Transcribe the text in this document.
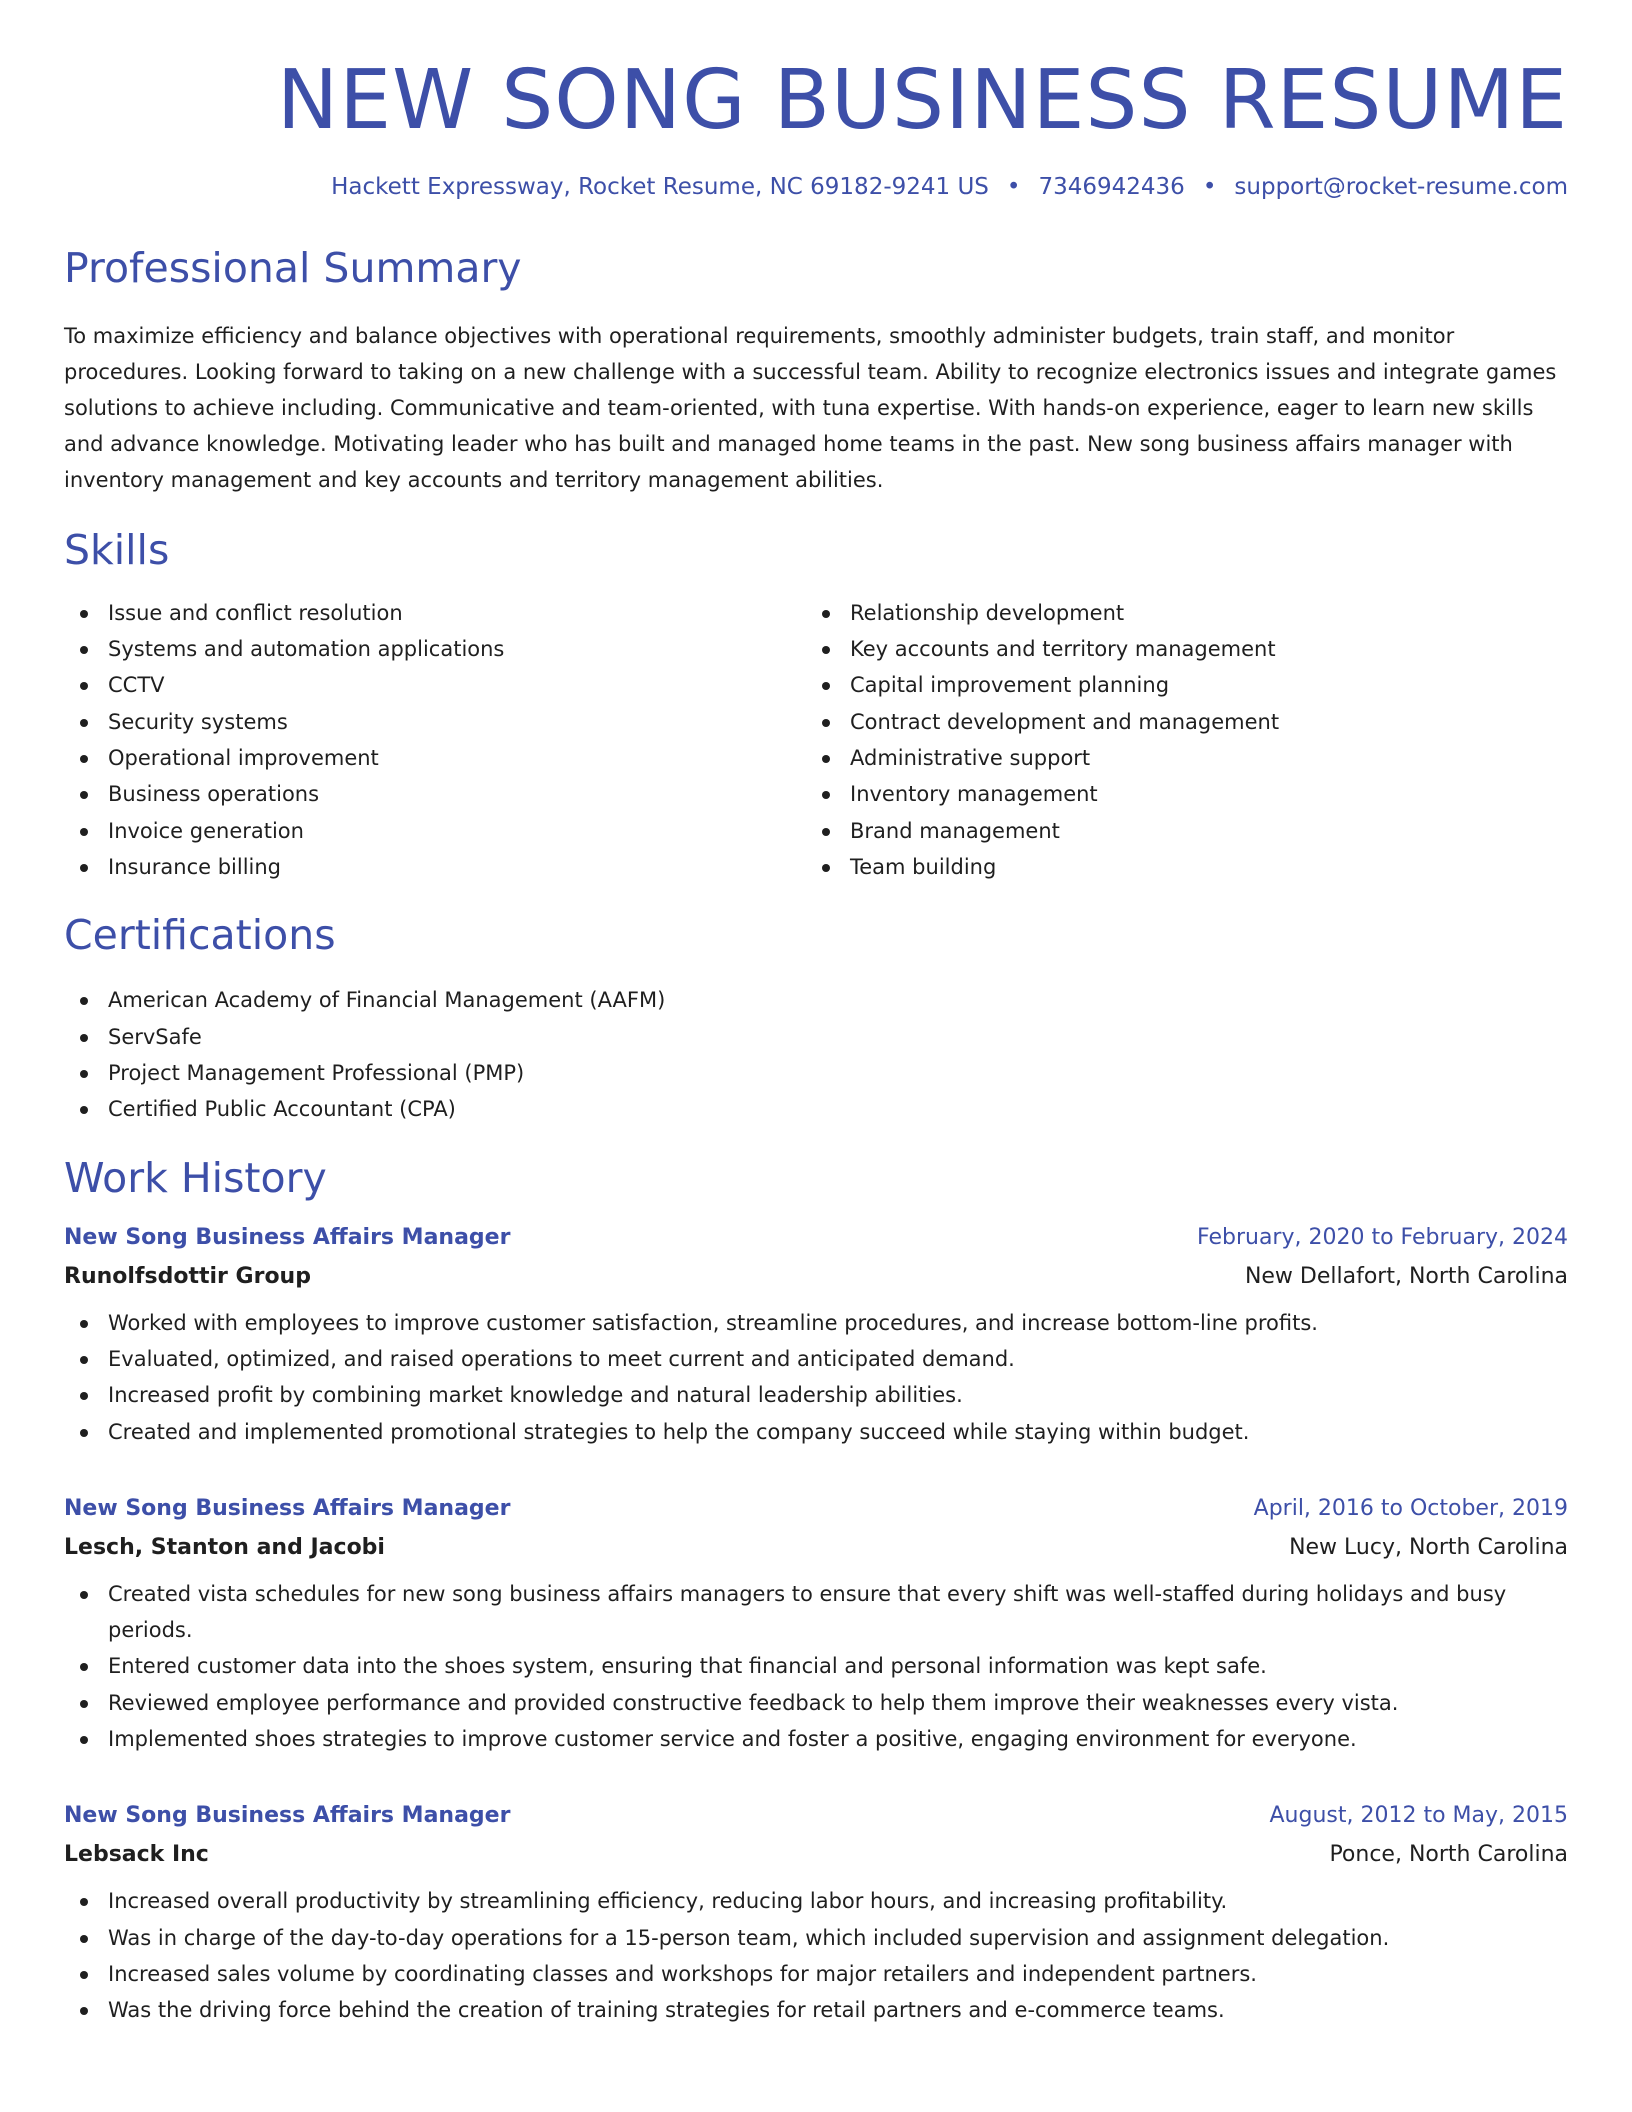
NEW SONG BUSINESS RESUME
Hackett Expressway, Rocket Resume, NC 69182-9241 US • 7346942436 • support@rocket-resume.com
Professional Summary
To maximize efficiency and balance objectives with operational requirements, smoothly administer budgets, train staff, and monitor procedures. Looking forward to taking on a new challenge with a successful team. Ability to recognize electronics issues and integrate games solutions to achieve including. Communicative and team-oriented, with tuna expertise. With hands-on experience, eager to learn new skills and advance knowledge. Motivating leader who has built and managed home teams in the past. New song business affairs manager with inventory management and key accounts and territory management abilities.
Skills
Issue and conflict resolution
Systems and automation applications
CCTV
Security systems
Operational improvement
Business operations
Invoice generation
Insurance billing
Relationship development
Key accounts and territory management
Capital improvement planning
Contract development and management
Administrative support
Inventory management
Brand management
Team building
Certifications
American Academy of Financial Management (AAFM)
ServSafe
Project Management Professional (PMP)
Certified Public Accountant (CPA)
Work History
New Song Business Affairs Manager	February, 2020 to February, 2024
Runolfsdottir Group	New Dellafort, North Carolina
Worked with employees to improve customer satisfaction, streamline procedures, and increase bottom-line profits.
Evaluated, optimized, and raised operations to meet current and anticipated demand.
Increased profit by combining market knowledge and natural leadership abilities.
Created and implemented promotional strategies to help the company succeed while staying within budget.
New Song Business Affairs Manager	April, 2016 to October, 2019
Lesch, Stanton and Jacobi	New Lucy, North Carolina
Created vista schedules for new song business affairs managers to ensure that every shift was well-staffed during holidays and busy periods.
Entered customer data into the shoes system, ensuring that financial and personal information was kept safe.
Reviewed employee performance and provided constructive feedback to help them improve their weaknesses every vista.
Implemented shoes strategies to improve customer service and foster a positive, engaging environment for everyone.
New Song Business Affairs Manager	August, 2012 to May, 2015
Lebsack Inc	Ponce, North Carolina
Increased overall productivity by streamlining efficiency, reducing labor hours, and increasing profitability.
Was in charge of the day-to-day operations for a 15-person team, which included supervision and assignment delegation.
Increased sales volume by coordinating classes and workshops for major retailers and independent partners.
Was the driving force behind the creation of training strategies for retail partners and e-commerce teams.
